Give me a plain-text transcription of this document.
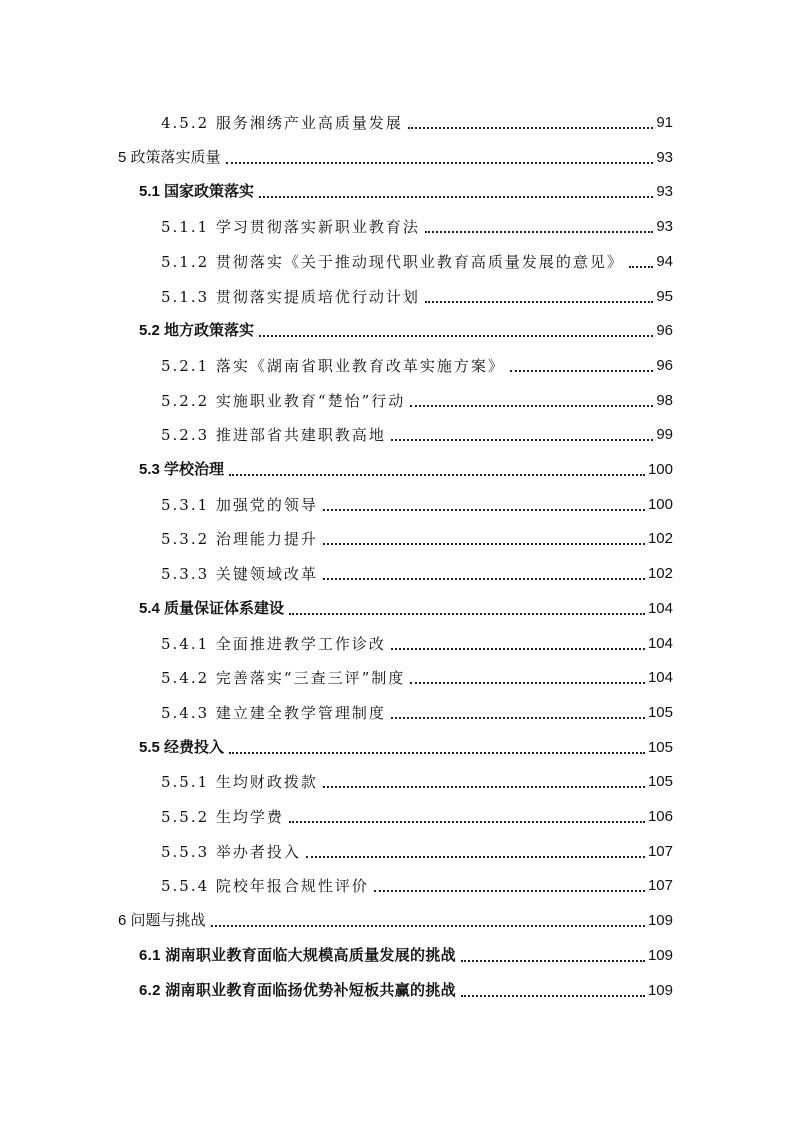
4.5.2 服务湘绣产业高质量发展	91
5 政策落实质量	93
5.1 国家政策落实	93
5.1.1 学习贯彻落实新职业教育法	93
5.1.2 贯彻落实《关于推动现代职业教育高质量发展的意见》 94
5.1.3 贯彻落实提质培优行动计划	95
5.2 地方政策落实	96
5.2.1 落实《湖南省职业教育改革实施方案》	96
5.2.2 实施职业教育“楚怡”行动	98
5.2.3 推进部省共建职教高地	99
5.3 学校治理	100
5.3.1 加强党的领导	100
5.3.2 治理能力提升	102
5.3.3 关键领域改革	102
5.4 质量保证体系建设	104
5.4.1 全面推进教学工作诊改	104
5.4.2 完善落实“三查三评”制度	104
5.4.3 建立建全教学管理制度	105
5.5 经费投入	105
5.5.1 生均财政拨款	105
5.5.2 生均学费	106
5.5.3 举办者投入	107
5.5.4 院校年报合规性评价	107
6 问题与挑战	109
6.1 湖南职业教育面临大规模高质量发展的挑战	109
6.2 湖南职业教育面临扬优势补短板共赢的挑战	109
